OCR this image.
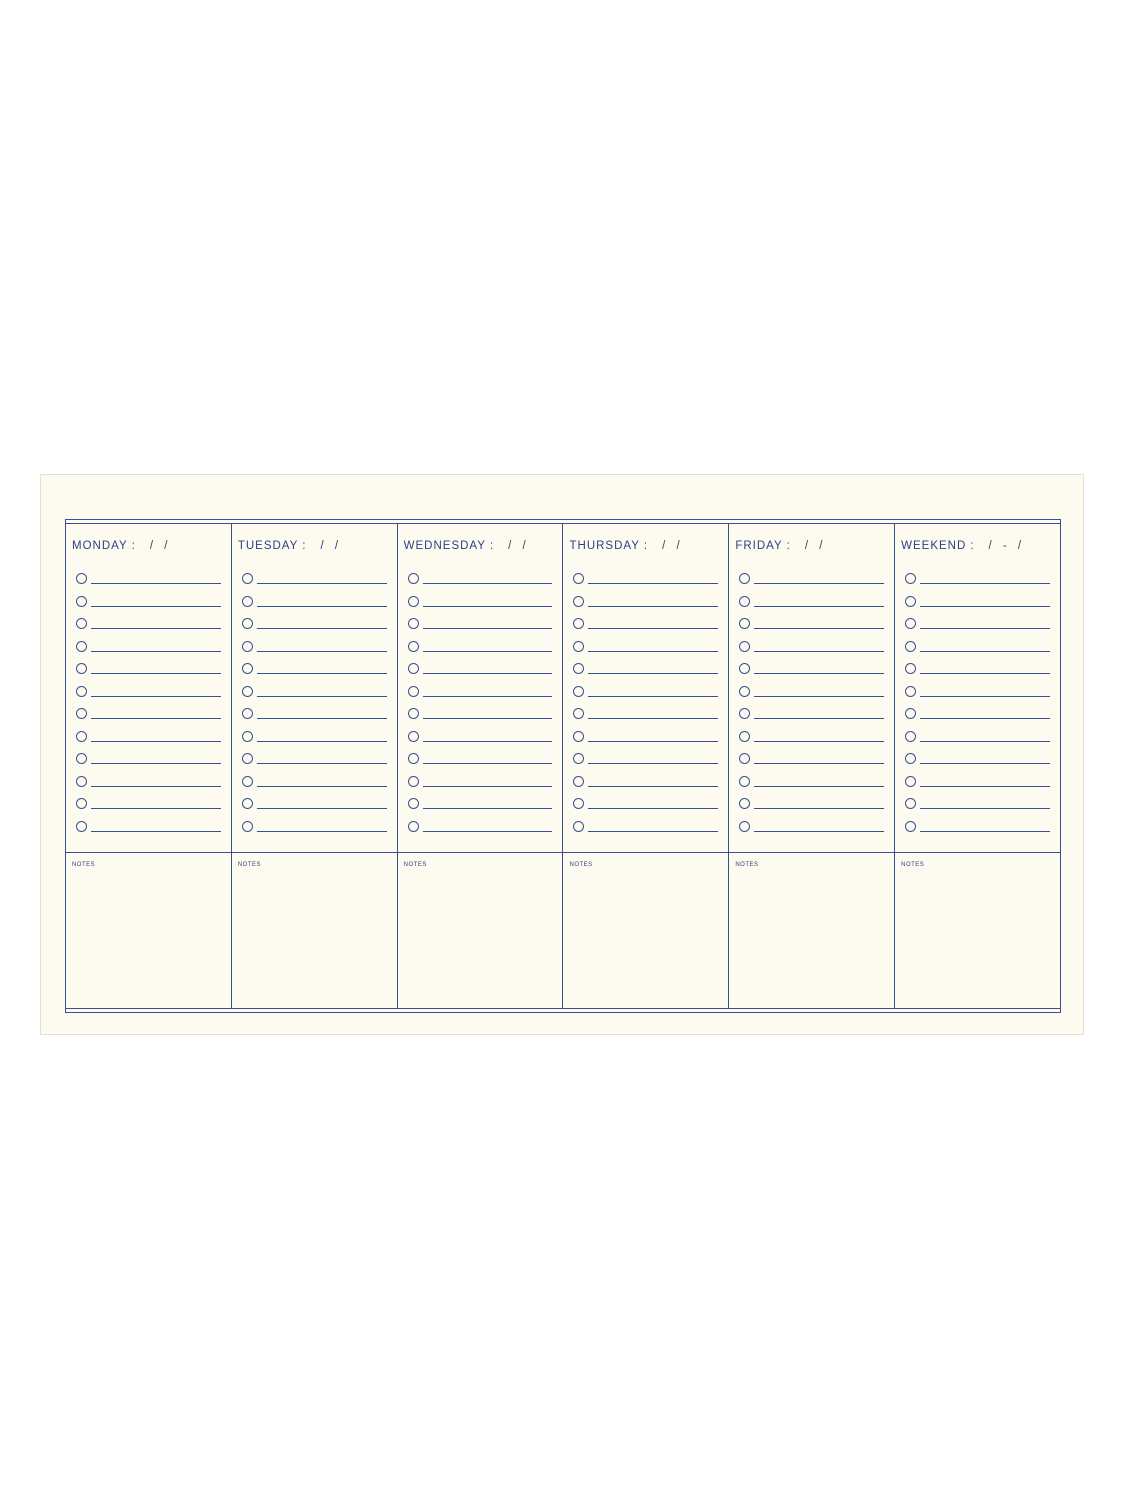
MONDAY : / /
NOTES
TUESDAY : / /
NOTES
WEDNESDAY : / /
NOTES
THURSDAY : / /
NOTES
FRIDAY : / /
NOTES
WEEKEND : / - /
NOTES
